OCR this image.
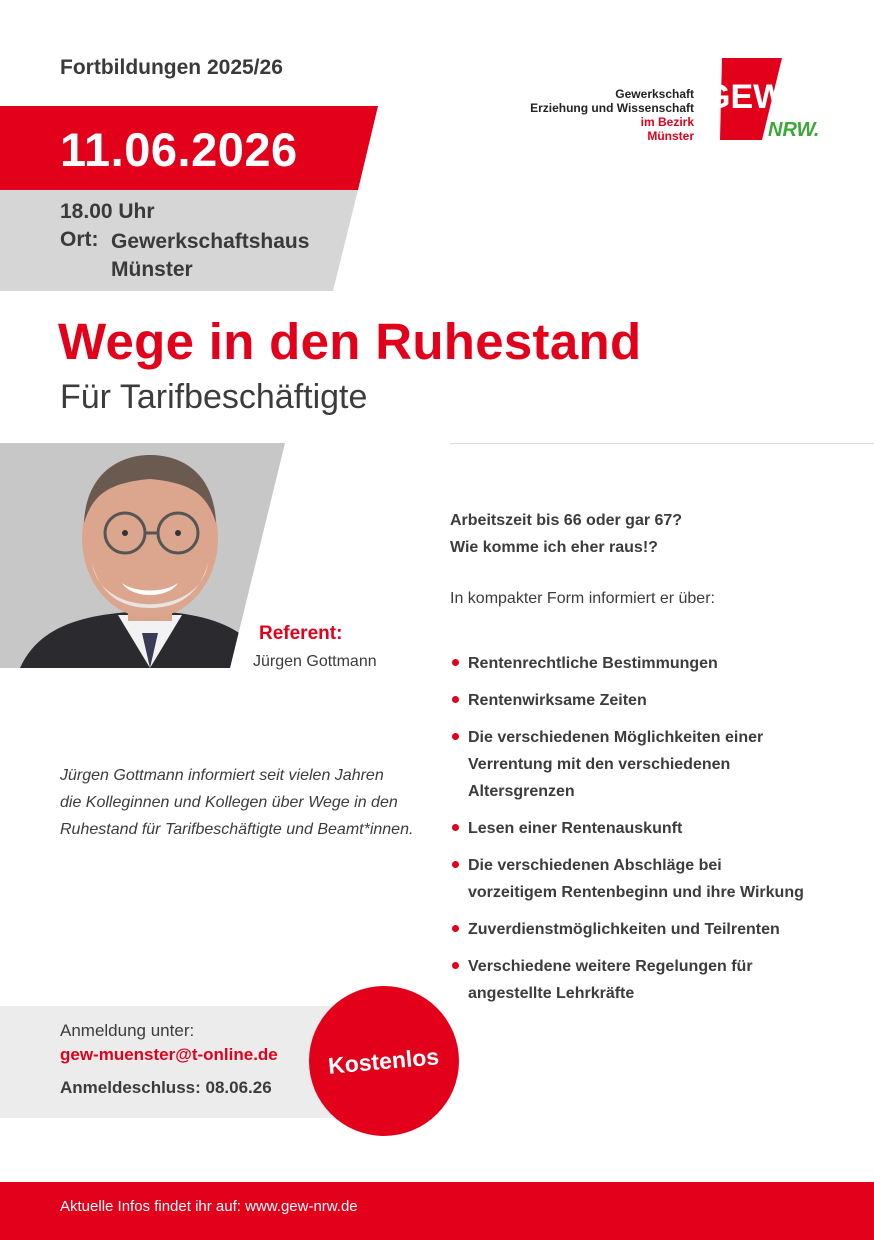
Fortbildungen 2025/26
Gewerkschaft
Erziehung und Wissenschaft
im Bezirk
Münster
GEW
NRW.
11.06.2026
18.00 Uhr
Ort: Gewerkschaftshaus
Münster
Wege in den Ruhestand
Für Tarifbeschäftigte
Referent:
Jürgen Gottmann
Jürgen Gottmann informiert seit vielen Jahren
die Kolleginnen und Kollegen über Wege in den
Ruhestand für Tarifbeschäftigte und Beamt*innen.
Arbeitszeit bis 66 oder gar 67?
Wie komme ich eher raus!?
In kompakter Form informiert er über:
Rentenrechtliche Bestimmungen
Rentenwirksame Zeiten
Die verschiedenen Möglichkeiten einer
Verrentung mit den verschiedenen
Altersgrenzen
Lesen einer Rentenauskunft
Die verschiedenen Abschläge bei
vorzeitigem Rentenbeginn und ihre Wirkung
Zuverdienstmöglichkeiten und Teilrenten
Verschiedene weitere Regelungen für
angestellte Lehrkräfte
Anmeldung unter:
gew-muenster@t-online.de
Anmeldeschluss: 08.06.26
Kostenlos
Aktuelle Infos findet ihr auf: www.gew-nrw.de
